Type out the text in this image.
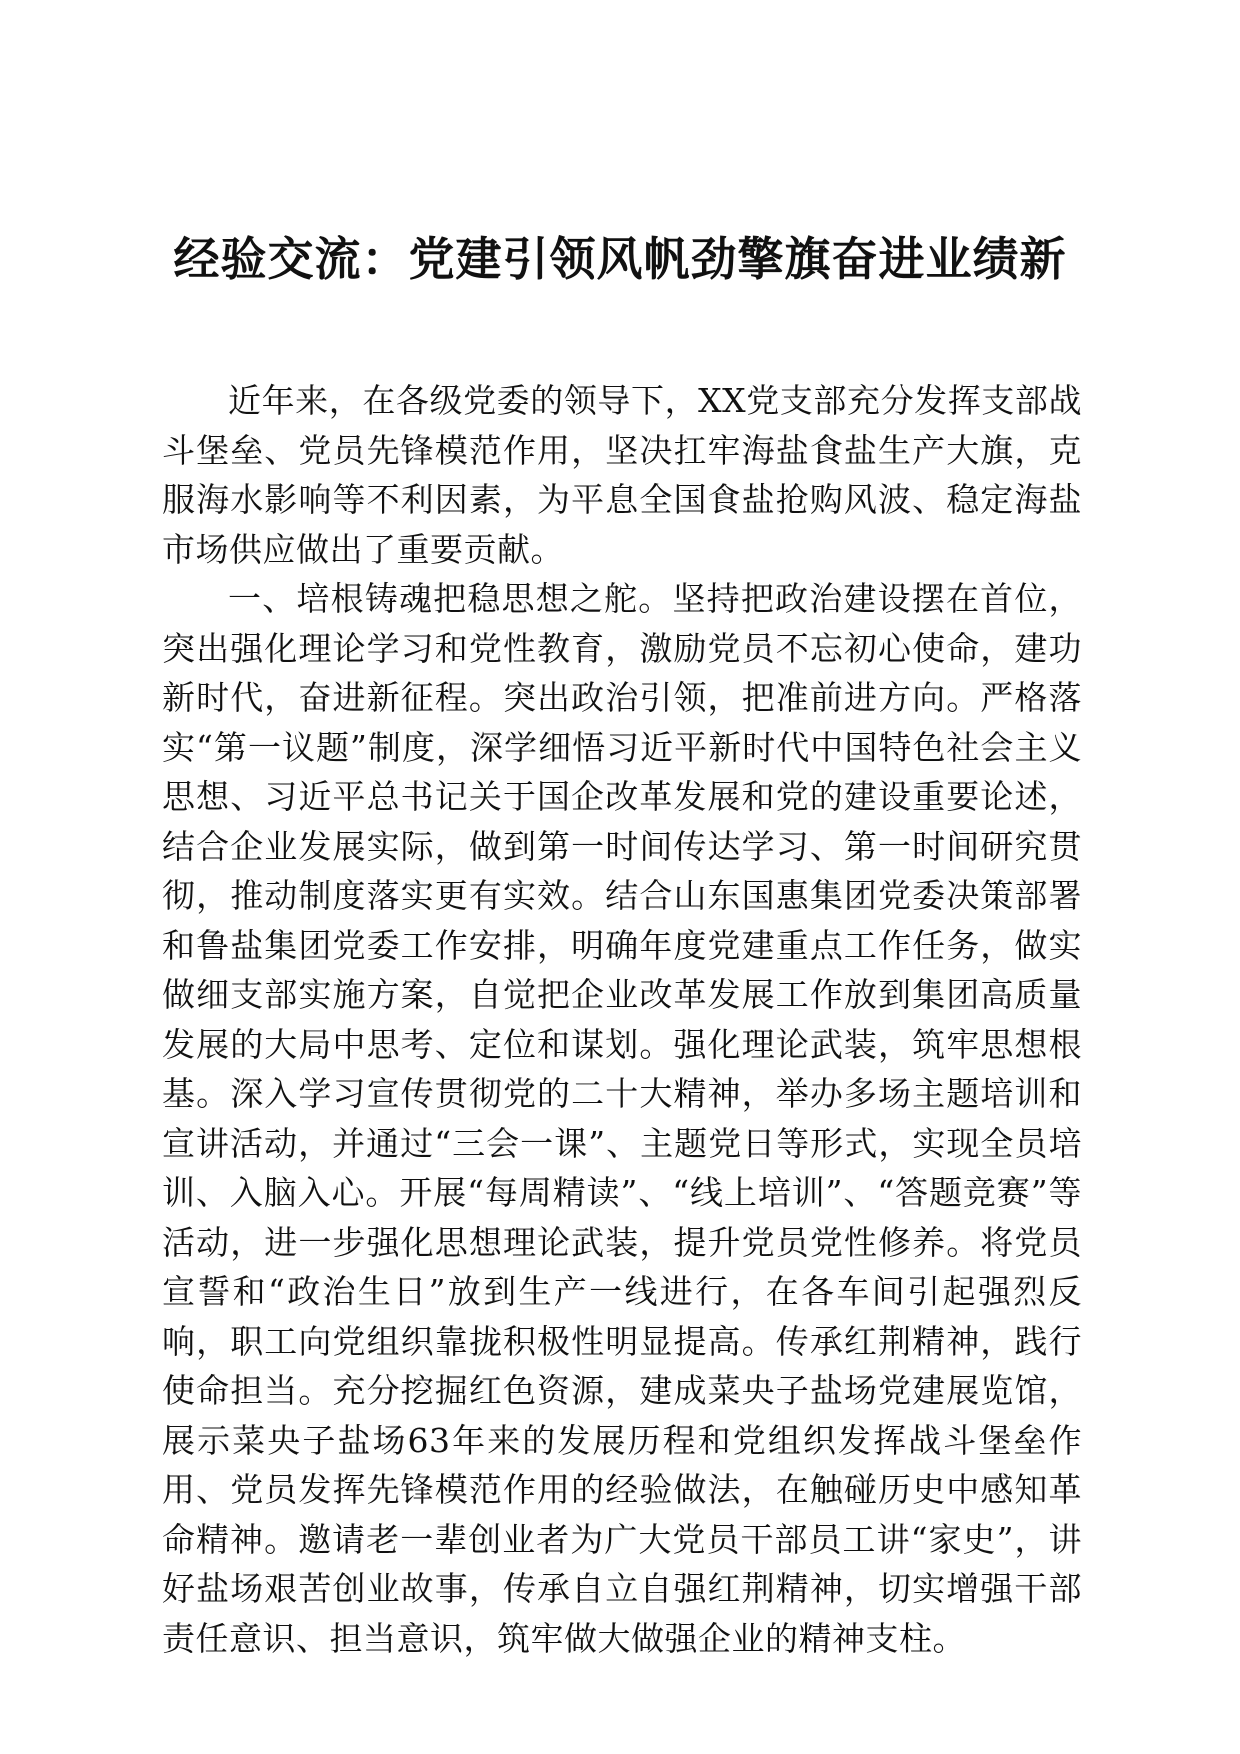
经验交流：党建引领风帆劲擎旗奋进业绩新

近年来，在各级党委的领导下，XX党支部充分发挥支部战斗堡垒、党员先锋模范作用，坚决扛牢海盐食盐生产大旗，克服海水影响等不利因素，为平息全国食盐抢购风波、稳定海盐市场供应做出了重要贡献。

一、培根铸魂把稳思想之舵。坚持把政治建设摆在首位，突出强化理论学习和党性教育，激励党员不忘初心使命，建功新时代，奋进新征程。突出政治引领，把准前进方向。严格落实“第一议题”制度，深学细悟习近平新时代中国特色社会主义思想、习近平总书记关于国企改革发展和党的建设重要论述，结合企业发展实际，做到第一时间传达学习、第一时间研究贯彻，推动制度落实更有实效。结合山东国惠集团党委决策部署和鲁盐集团党委工作安排，明确年度党建重点工作任务，做实做细支部实施方案，自觉把企业改革发展工作放到集团高质量发展的大局中思考、定位和谋划。强化理论武装，筑牢思想根基。深入学习宣传贯彻党的二十大精神，举办多场主题培训和宣讲活动，并通过“三会一课”、主题党日等形式，实现全员培训、入脑入心。开展“每周精读”、“线上培训”、“答题竞赛”等活动，进一步强化思想理论武装，提升党员党性修养。将党员宣誓和“政治生日”放到生产一线进行，在各车间引起强烈反响，职工向党组织靠拢积极性明显提高。传承红荆精神，践行使命担当。充分挖掘红色资源，建成菜央子盐场党建展览馆，展示菜央子盐场63年来的发展历程和党组织发挥战斗堡垒作用、党员发挥先锋模范作用的经验做法，在触碰历史中感知革命精神。邀请老一辈创业者为广大党员干部员工讲“家史”，讲好盐场艰苦创业故事，传承自立自强红荆精神，切实增强干部责任意识、担当意识，筑牢做大做强企业的精神支柱。
